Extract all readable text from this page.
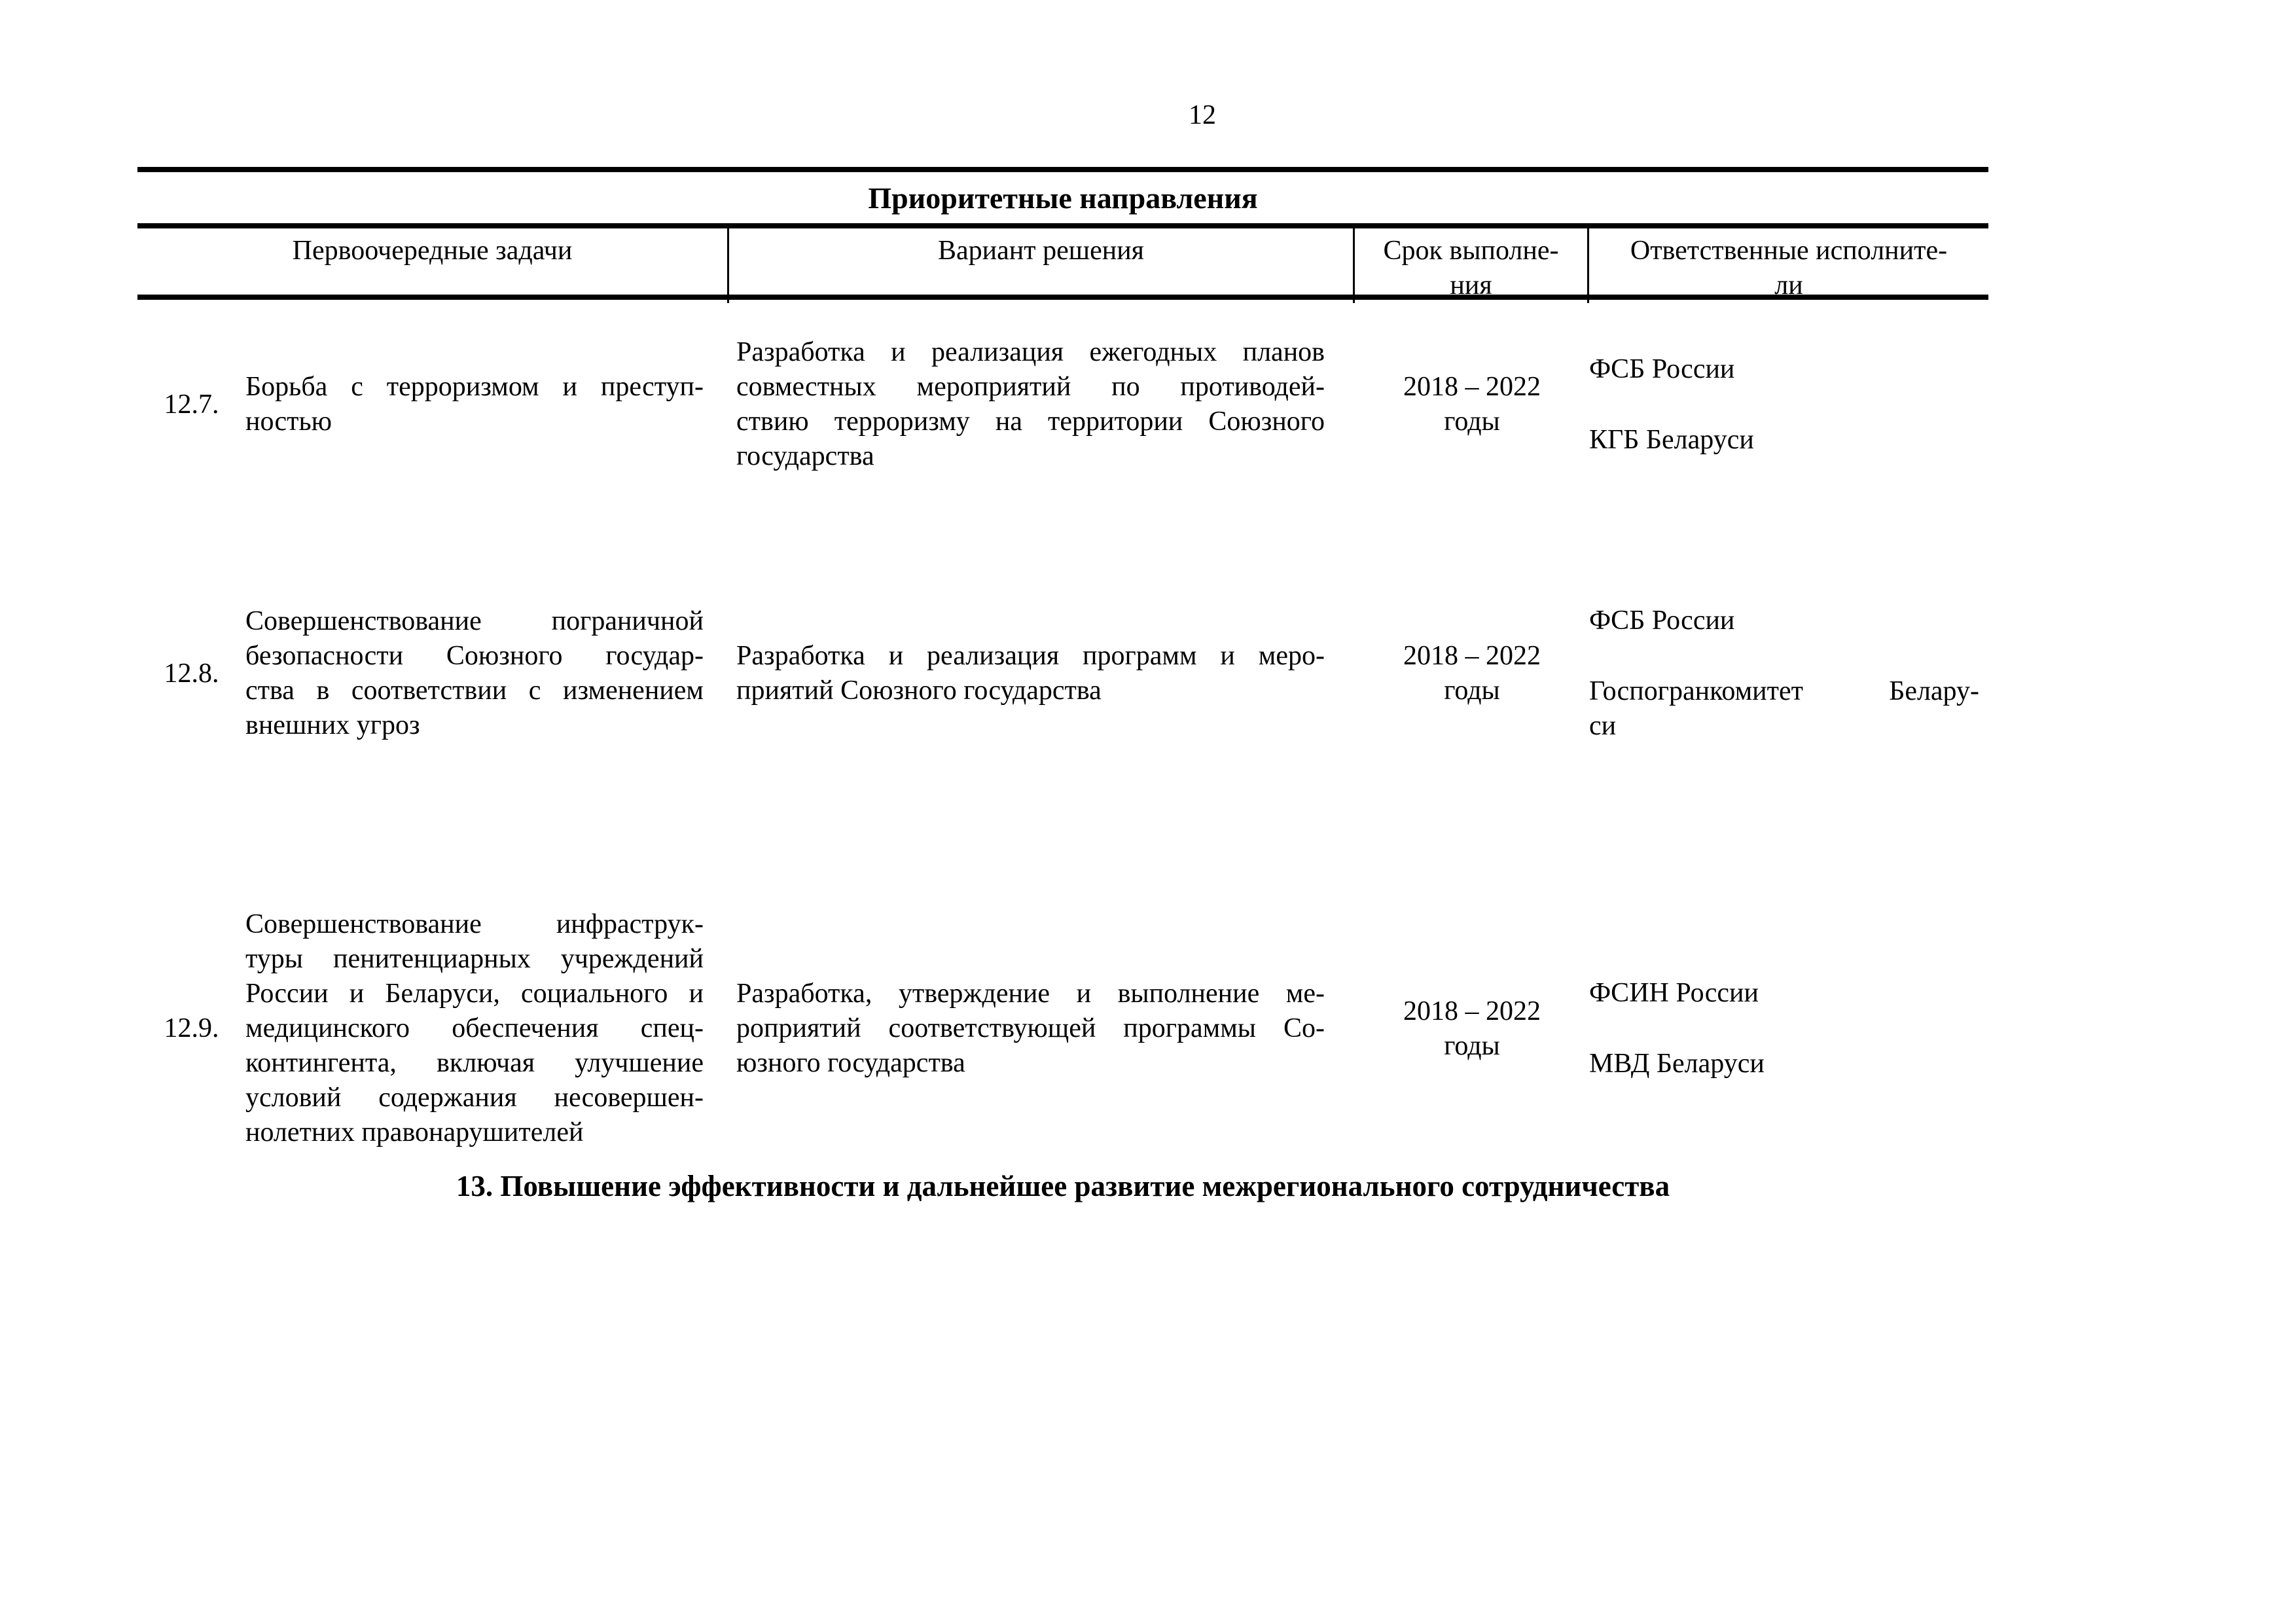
12
Приоритетные направления
Первоочередные задачи	Вариант решения	Срок выполне-
ния
Ответственные исполните-
ли
12.7.
Борьба с терроризмом и преступ-
ностью
Разработка и реализация ежегодных планов
совместных мероприятий по противодей-
ствию терроризму на территории Союзного
государства
2018 – 2022
годы
ФСБ России
КГБ Беларуси
12.8.
Совершенствование пограничной
безопасности Союзного государ-
ства в соответствии с изменением
внешних угроз
Разработка и реализация программ и меро-
приятий Союзного государства
2018 – 2022
годы
ФСБ России
Госпогранкомитет Белару-
си
12.9.
Совершенствование инфраструк-
туры пенитенциарных учреждений
России и Беларуси, социального и
медицинского обеспечения спец-
контингента, включая улучшение
условий содержания несовершен-
нолетних правонарушителей
Разработка, утверждение и выполнение ме-
роприятий соответствующей программы Со-
юзного государства
2018 – 2022
годы
ФСИН России
МВД Беларуси
13. Повышение эффективности и дальнейшее развитие межрегионального сотрудничества
